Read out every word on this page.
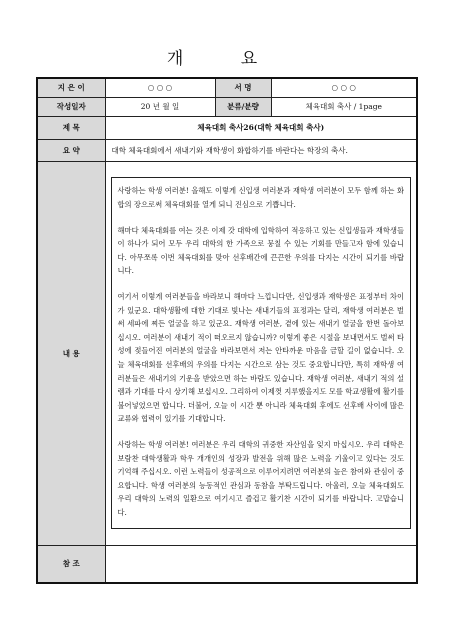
개 요
지 은 이	○ ○ ○	서 명	○ ○ ○
작성일자	20 년 월 일	분류/분량	체육대회 축사 / 1page
제 목	체육대회 축사26(대학 체육대회 축사)		
요 약	대학 체육대회에서 새내기와 재학생이 화합하기를 바란다는 학장의 축사.		
내 용	사랑하는 학생 여러분! 올해도 이렇게 신입생 여러분과 재학생 여러분이 모두 함께 하는 화합의 장으로써 체육대회를 열게 되니 진심으로 기쁩니다.

해마다 체육대회를 여는 것은 이제 갓 대학에 입학하여 적응하고 있는 신입생들과 재학생들이 하나가 되어 모두 우리 대학의 한 가족으로 뭉칠 수 있는 기회를 만들고자 함에 있습니다. 아무쪼록 이번 체육대회를 맞아 선후배간에 끈끈한 우의를 다지는 시간이 되기를 바랍니다.

여기서 이렇게 여러분들을 바라보니 해마다 느낍니다만, 신입생과 재학생은 표정부터 차이가 있군요. 대학생활에 대한 기대로 빛나는 새내기들의 표정과는 달리, 재학생 여러분은 벌써 세파에 찌든 얼굴을 하고 있군요. 재학생 여러분, 곁에 있는 새내기 얼굴을 한번 돌아보십시오. 여러분이 새내기 적이 떠오르지 않습니까? 이렇게 좋은 시절을 보내면서도 벌써 타성에 젖들어진 여러분의 얼굴을 바라보면서 저는 안타까운 마음을 금할 길이 없습니다. 오늘 체육대회를 선후배의 우의를 다지는 시간으로 삼는 것도 중요합니다만, 특히 재학생 여러분들은 새내기의 기운을 받았으면 하는 바람도 있습니다. 재학생 여러분, 새내기 적의 설렘과 기대를 다시 상기해 보십시오. 그리하여 이제껏 지루했을지도 모를 학교생활에 활기를 불어넣었으면 합니다. 더불어, 오늘 이 시간 뿐 아니라 체육대회 후에도 선후배 사이에 많은 교류와 협력이 있기를 기대합니다.

사랑하는 학생 여러분! 여러분은 우리 대학의 귀중한 자산임을 잊지 마십시오. 우리 대학은 보람찬 대학생활과 학우 개개인의 성장과 발전을 위해 많은 노력을 기울이고 있다는 것도 기억해 주십시오. 이런 노력들이 성공적으로 이루어지려면 여러분의 높은 참여와 관심이 중요합니다. 학생 여러분의 능동적인 관심과 동참을 부탁드립니다. 아울러, 오늘 체육대회도 우리 대학의 노력의 일환으로 여기시고 즐겁고 활기찬 시간이 되기를 바랍니다. 고맙습니다.		

참 조			
